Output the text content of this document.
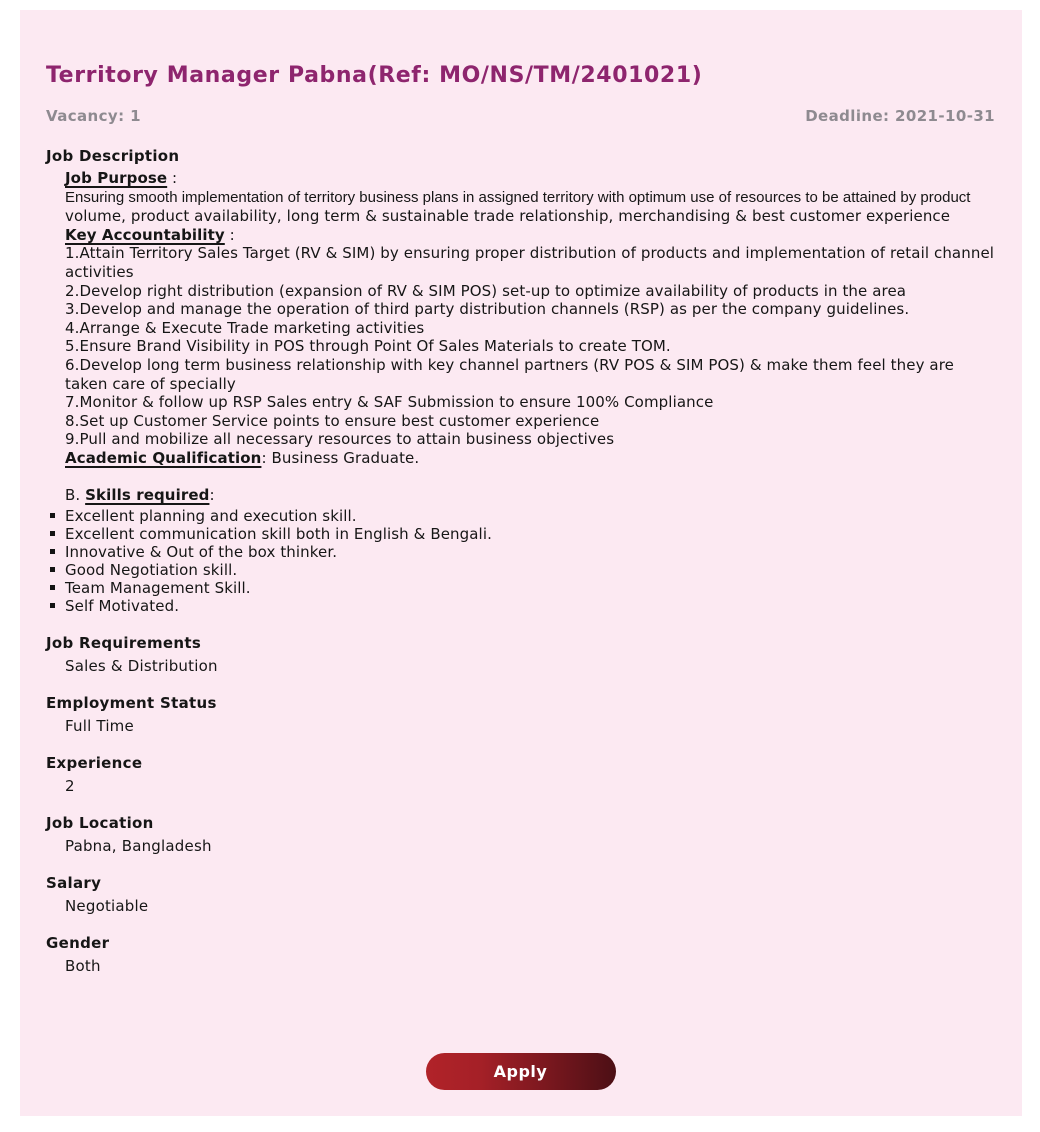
Territory Manager Pabna(Ref: MO/NS/TM/2401021)
Vacancy: 1	Deadline: 2021-10-31
Job Description

Job Purpose :

Ensuring smooth implementation of territory business plans in assigned territory with optimum use of resources to be attained by product volume, product availability, long term & sustainable trade relationship, merchandising & best customer experience

Key Accountability :

1.Attain Territory Sales Target (RV & SIM) by ensuring proper distribution of products and implementation of retail channel activities

2.Develop right distribution (expansion of RV & SIM POS) set-up to optimize availability of products in the area

3.Develop and manage the operation of third party distribution channels (RSP) as per the company guidelines.

4.Arrange & Execute Trade marketing activities

5.Ensure Brand Visibility in POS through Point Of Sales Materials to create TOM.

6.Develop long term business relationship with key channel partners (RV POS & SIM POS) & make them feel they are taken care of specially

7.Monitor & follow up RSP Sales entry & SAF Submission to ensure 100% Compliance

8.Set up Customer Service points to ensure best customer experience

9.Pull and mobilize all necessary resources to attain business objectives

Academic Qualification: Business Graduate.

B. Skills required:

Excellent planning and execution skill.
Excellent communication skill both in English & Bengali.
Innovative & Out of the box thinker.
Good Negotiation skill.
Team Management Skill.
Self Motivated.
Job Requirements
Sales & Distribution
Employment Status
Full Time
Experience
2
Job Location
Pabna, Bangladesh
Salary
Negotiable
Gender
Both
Apply
